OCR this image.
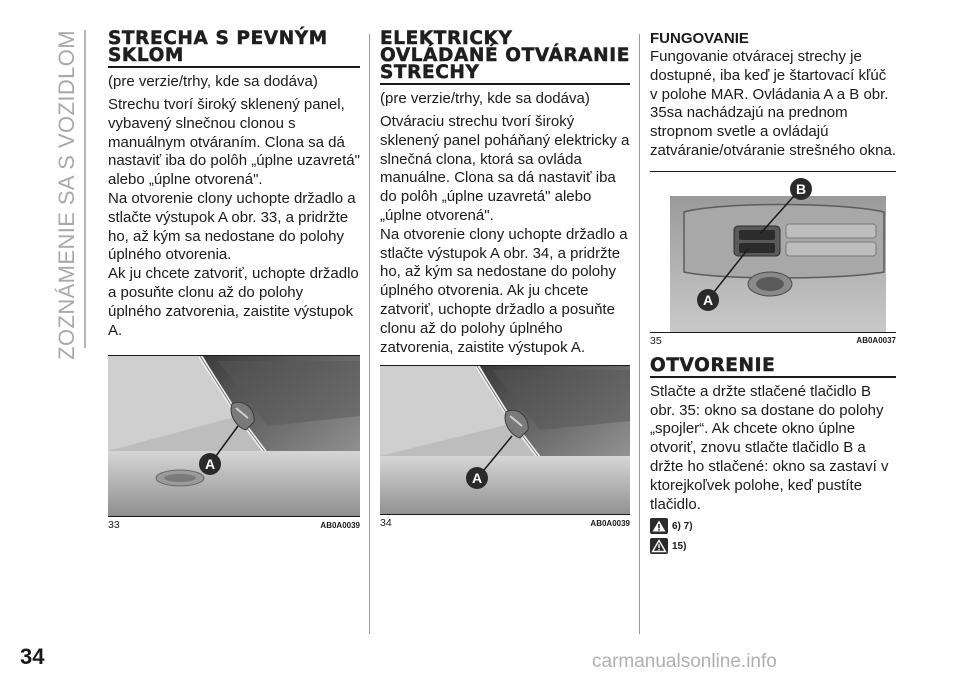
ZOZNÁMENIE SA S VOZIDLOM STRECHA S PEVNÝM SKLOM
(pre verzie/trhy, kde sa dodáva)

Strechu tvorí široký sklenený panel, vybavený slnečnou clonou s manuálnym otváraním. Clona sa dá nastaviť iba do polôh „úplne uzavretá" alebo „úplne otvorená".
Na otvorenie clony uchopte držadlo a stlačte výstupok A obr. 33, a pridržte ho, až kým sa nedostane do polohy úplného otvorenia.
Ak ju chcete zatvoriť, uchopte držadlo a posuňte clonu až do polohy úplného zatvorenia, zaistite výstupok A.

A
33	AB0A0039
ELEKTRICKY OVLÁDANÉ OTVÁRANIE STRECHY
(pre verzie/trhy, kde sa dodáva)

Otváraciu strechu tvorí široký sklenený panel poháňaný elektricky a slnečná clona, ktorá sa ovláda manuálne. Clona sa dá nastaviť iba do polôh „úplne uzavretá" alebo „úplne otvorená".
Na otvorenie clony uchopte držadlo a stlačte výstupok A obr. 34, a pridržte ho, až kým sa nedostane do polohy úplného otvorenia. Ak ju chcete zatvoriť, uchopte držadlo a posuňte clonu až do polohy úplného zatvorenia, zaistite výstupok A.

A
34	AB0A0039
FUNGOVANIE

Fungovanie otváracej strechy je dostupné, iba keď je štartovací kľúč v polohe MAR. Ovládania A a B obr. 35sa nachádzajú na prednom stropnom svetle a ovládajú zatváranie/otváranie strešného okna.

B
A
35	AB0A0037
OTVORENIE

Stlačte a držte stlačené tlačidlo B obr. 35: okno sa dostane do polohy „spojler“. Ak chcete okno úplne otvoriť, znovu stlačte tlačidlo B a držte ho stlačené: okno sa zastaví v ktorejkoľvek polohe, keď pustíte tlačidlo.

6) 7)
15)
34	carmanualsonline.info
